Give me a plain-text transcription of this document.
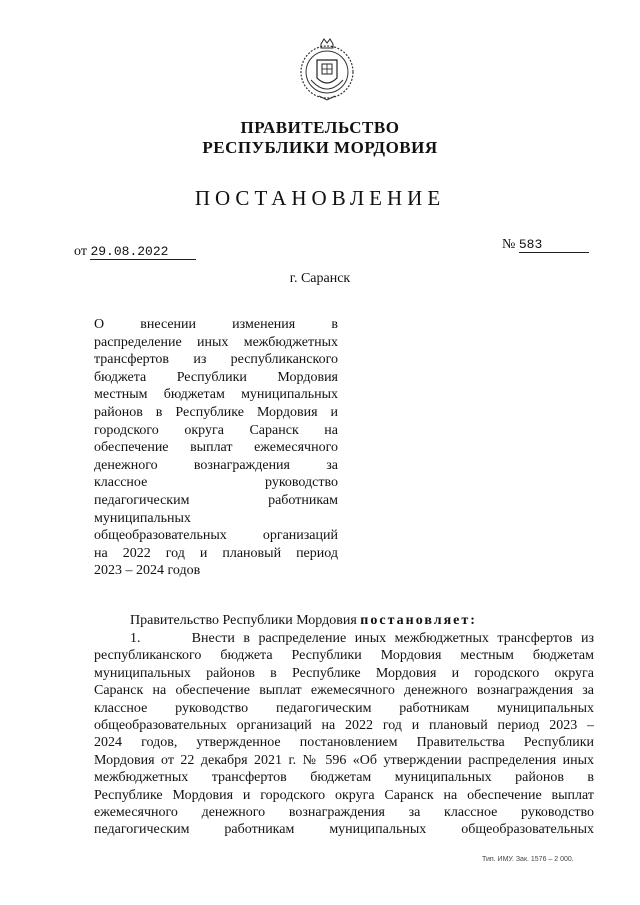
ПРАВИТЕЛЬСТВО
РЕСПУБЛИКИ МОРДОВИЯ
ПОСТАНОВЛЕНИЕ
от 29.08.2022	№ 583
г. Саранск
О внесении изменения в
распределение иных межбюджетных
трансфертов из республиканского
бюджета Республики Мордовия
местным бюджетам муниципальных
районов в Республике Мордовия и
городского округа Саранск на
обеспечение выплат ежемесячного
денежного вознаграждения за
классное руководство
педагогическим работникам
муниципальных
общеобразовательных организаций
на 2022 год и плановый период
2023 – 2024 годов
Правительство Республики Мордовия постановляет:
1.      Внести в распределение иных межбюджетных трансфертов из
республиканского бюджета Республики Мордовия местным бюджетам
муниципальных районов в Республике Мордовия и городского округа
Саранск на обеспечение выплат ежемесячного денежного вознаграждения за
классное руководство педагогическим работникам муниципальных
общеобразовательных организаций на 2022 год и плановый период 2023 –
2024 годов, утвержденное постановлением Правительства Республики
Мордовия от 22 декабря 2021 г. № 596 «Об утверждении распределения иных
межбюджетных трансфертов бюджетам муниципальных районов в
Республике Мордовия и городского округа Саранск на обеспечение выплат
ежемесячного денежного вознаграждения за классное руководство
педагогическим работникам муниципальных общеобразовательных
Тип. ИМУ. Зак. 1576 – 2 000.
